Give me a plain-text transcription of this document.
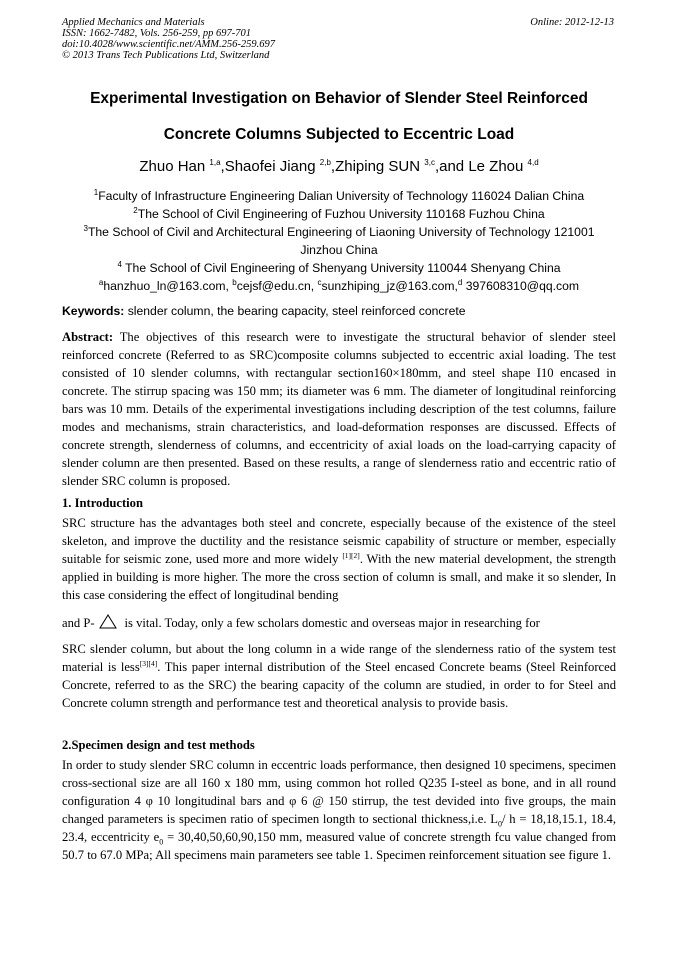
Applied Mechanics and Materials
ISSN: 1662-7482, Vols. 256-259, pp 697-701
doi:10.4028/www.scientific.net/AMM.256-259.697
© 2013 Trans Tech Publications Ltd, Switzerland
Online: 2012-12-13
Experimental Investigation on Behavior of Slender Steel Reinforced
Concrete Columns Subjected to Eccentric Load
Zhuo Han $^{1,a}$,Shaofei Jiang $^{2,b}$,Zhiping SUN $^{3,c}$,and Le Zhou $^{4,d}$
$^1$Faculty of Infrastructure Engineering Dalian University of Technology 116024 Dalian China
$^2$The School of Civil Engineering of Fuzhou University 110168 Fuzhou China
$^3$The School of Civil and Architectural Engineering of Liaoning University of Technology 121001
Jinzhou China
$^4$ The School of Civil Engineering of Shenyang University 110044 Shenyang China
$^a$hanzhuo_ln@163.com, $^b$cejsf@edu.cn, $^c$sunzhiping_jz@163.com,$^d$ 397608310@qq.com
Keywords: slender column, the bearing capacity, steel reinforced concrete
Abstract: The objectives of this research were to investigate the structural behavior of slender steel reinforced concrete (Referred to as SRC)composite columns subjected to eccentric axial loading. The test consisted of 10 slender columns, with rectangular section160×180mm, and steel shape I10 encased in concrete. The stirrup spacing was 150 mm; its diameter was 6 mm. The diameter of longitudinal reinforcing bars was 10 mm. Details of the experimental investigations including description of the test columns, failure modes and mechanisms, strain characteristics, and load-deformation responses are discussed. Effects of concrete strength, slenderness of columns, and eccentricity of axial loads on the load-carrying capacity of slender column are then presented. Based on these results, a range of slenderness ratio and eccentric ratio of slender SRC column is proposed.
1. Introduction
SRC structure has the advantages both steel and concrete, especially because of the existence of the steel skeleton, and improve the ductility and the resistance seismic capability of structure or member, especially suitable for seismic zone, used more and more widely [1][2]. With the new material development, the strength applied in building is more higher. The more the cross section of column is small, and make it so slender, In this case considering the effect of longitudinal bending
and P- is vital. Today, only a few scholars domestic and overseas major in researching for
SRC slender column, but about the long column in a wide range of the slenderness ratio of the system test material is less[3][4]. This paper internal distribution of the Steel encased Concrete beams (Steel Reinforced Concrete, referred to as the SRC) the bearing capacity of the column are studied, in order to for Steel and Concrete column strength and performance test and theoretical analysis to provide basis.
2.Specimen design and test methods
In order to study slender SRC column in eccentric loads performance, then designed 10 specimens, specimen cross-sectional size are all 160 x 180 mm, using common hot rolled Q235 I-steel as bone, and in all round configuration 4 φ 10 longitudinal bars and φ 6 @ 150 stirrup, the test devided into five groups, the main changed parameters is specimen ratio of specimen longth to sectional thickness,i.e. $L_0/$ h = 18,18,15.1, 18.4, 23.4, eccentricity $e_0 = 30,40,50,60,90,150$ mm, measured value of concrete strength fcu value changed from 50.7 to 67.0 MPa; All specimens main parameters see table 1. Specimen reinforcement situation see figure 1.
